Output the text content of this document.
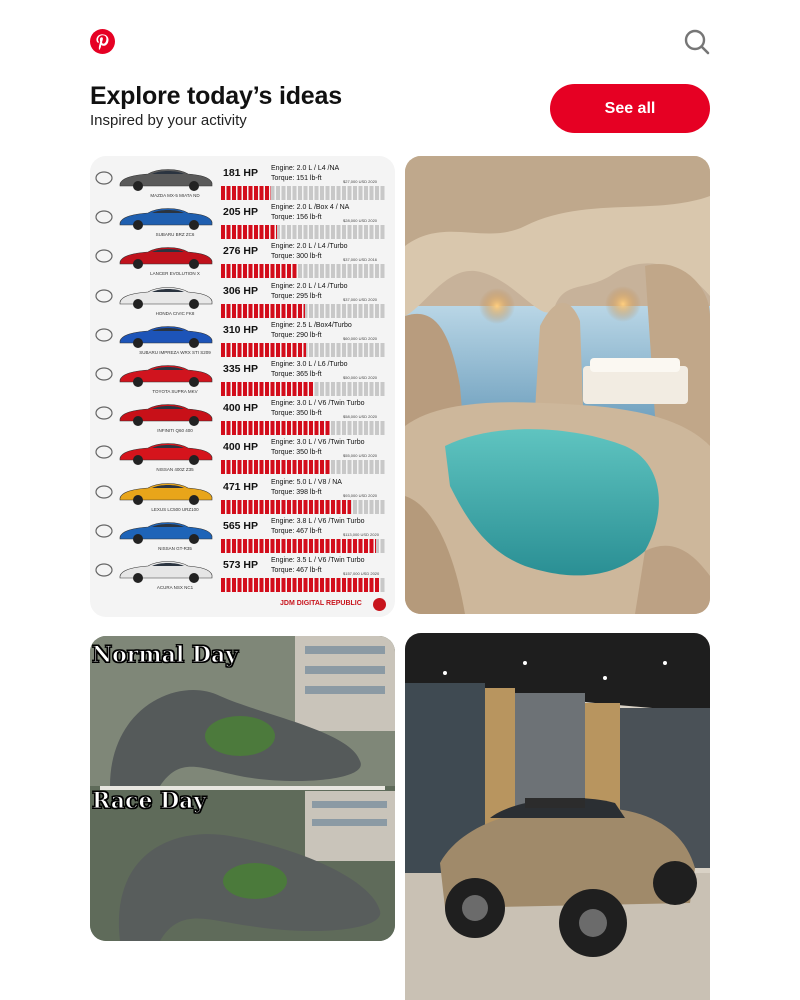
Explore today’s ideas
Inspired by your activity
See all
MAZDA MX-5 MIATA ND
181 HP Engine: 2.0 L / L4 /NA
Torque: 151 lb-ft	$27,000 USD 2020
SUBARU BRZ ZC6
205 HP Engine: 2.0 L /Box 4 / NA
Torque: 156 lb-ft	$28,000 USD 2020
LANCER EVOLUTION X
276 HP Engine: 2.0 L / L4 /Turbo
Torque: 300 lb-ft	$37,000 USD 2016
HONDA CIVIC FK8
306 HP Engine: 2.0 L / L4 /Turbo
Torque: 295 lb-ft	$37,000 USD 2020
SUBARU IMPREZA WRX STI S209
310 HP Engine: 2.5 L /Box4/Turbo
Torque: 290 lb-ft	$60,000 USD 2020
TOYOTA SUPRA MKV
335 HP Engine: 3.0 L / L6 /Turbo
Torque: 365 lb-ft	$50,000 USD 2020
INFINITI Q60 400
400 HP Engine: 3.0 L / V6 /Twin Turbo
Torque: 350 lb-ft	$58,000 USD 2020
NISSAN 400Z Z35
400 HP Engine: 3.0 L / V6 /Twin Turbo
Torque: 350 lb-ft	$55,000 USD 2020
LEXUS LC500 URZ100
471 HP Engine: 5.0 L / V8 / NA
Torque: 398 lb-ft	$93,000 USD 2020
NISSAN GT-R35
565 HP Engine: 3.8 L / V6 /Twin Turbo
Torque: 467 lb-ft	$113,000 USD 2020
ACURA NSX NC1
573 HP Engine: 3.5 L / V6 /Twin Turbo
Torque: 467 lb-ft	$157,000 USD 2020
JDM DIGITAL REPUBLIC
Normal Day
Race Day
